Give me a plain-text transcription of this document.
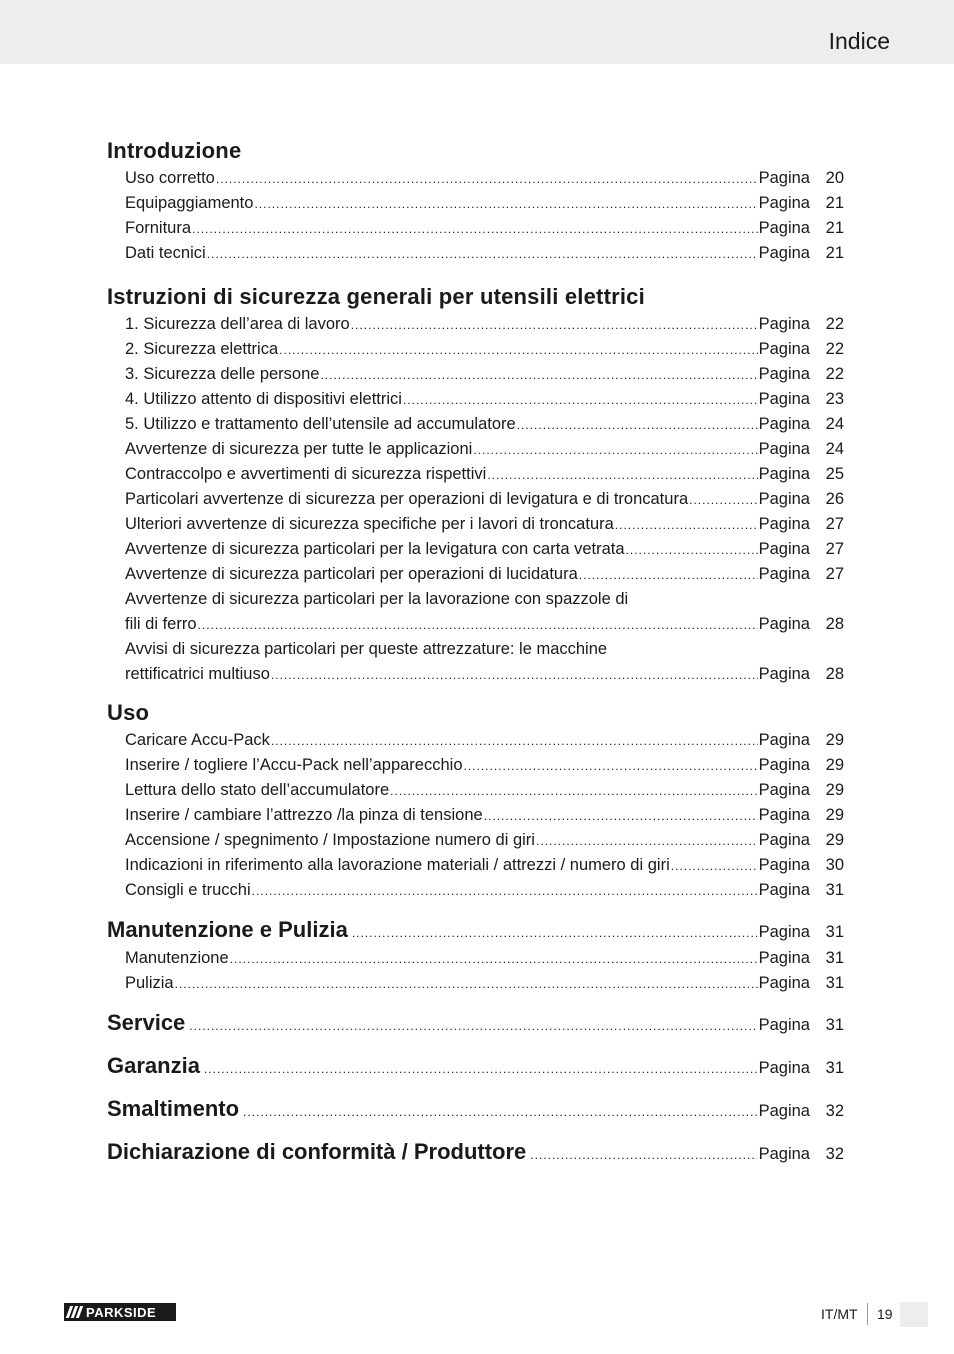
Indice
Introduzione
Uso corretto .....	Pagina 20
Equipaggiamento .....	Pagina 21
Fornitura .....	Pagina 21
Dati tecnici .....	Pagina 21
Istruzioni di sicurezza generali per utensili elettrici
1. Sicurezza dell’area di lavoro .....	Pagina 22
2. Sicurezza elettrica .....	Pagina 22
3. Sicurezza delle persone .....	Pagina 22
4. Utilizzo attento di dispositivi elettrici .....	Pagina 23
5. Utilizzo e trattamento dell’utensile ad accumulatore .....	Pagina 24
Avvertenze di sicurezza per tutte le applicazioni .....	Pagina 24
Contraccolpo e avvertimenti di sicurezza rispettivi .....	Pagina 25
Particolari avvertenze di sicurezza per operazioni di levigatura e di troncatura .....	Pagina 26
Ulteriori avvertenze di sicurezza specifiche per i lavori di troncatura .....	Pagina 27
Avvertenze di sicurezza particolari per la levigatura con carta vetrata .....	Pagina 27
Avvertenze di sicurezza particolari per operazioni di lucidatura .....	Pagina 27
Avvertenze di sicurezza particolari per la lavorazione con spazzole di
fili di ferro .....	Pagina 28
Avvisi di sicurezza particolari per queste attrezzature: le macchine
rettificatrici multiuso .....	Pagina 28
Uso
Caricare Accu-Pack .....	Pagina 29
Inserire / togliere l’Accu-Pack nell’apparecchio .....	Pagina 29
Lettura dello stato dell’accumulatore .....	Pagina 29
Inserire / cambiare l’attrezzo /la pinza di tensione .....	Pagina 29
Accensione / spegnimento / Impostazione numero di giri .....	Pagina 29
Indicazioni in riferimento alla lavorazione materiali / attrezzi / numero di giri .....	Pagina 30
Consigli e trucchi .....	Pagina 31
Manutenzione e Pulizia .....	Pagina 31
Manutenzione .....	Pagina 31
Pulizia .....	Pagina 31
Service .....	Pagina 31
Garanzia .....	Pagina 31
Smaltimento .....	Pagina 32
Dichiarazione di conformità / Produttore .....	Pagina 32
PARKSIDE	IT/MT 19
